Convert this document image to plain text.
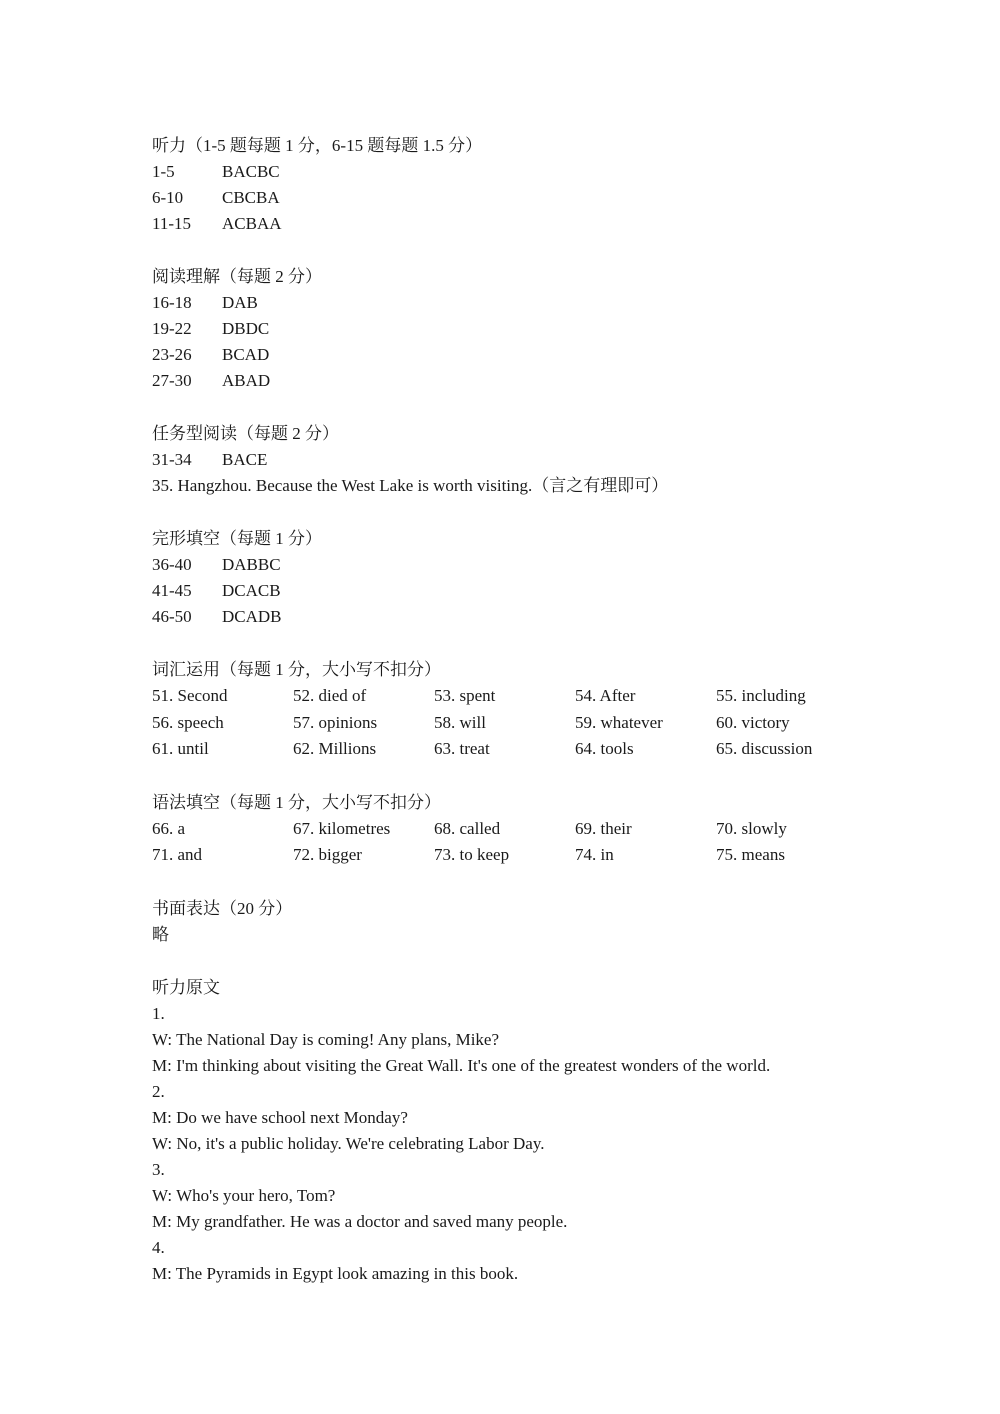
听力（1-5 题每题 1 分，6-15 题每题 1.5 分）
1-5	BACBC
6-10	CBCBA
11-15	ACBAA
阅读理解（每题 2 分）
16-18	DAB
19-22	DBDC
23-26	BCAD
27-30	ABAD
任务型阅读（每题 2 分）
31-34	BACE
35. Hangzhou. Because the West Lake is worth visiting.（言之有理即可）
完形填空（每题 1 分）
36-40	DABBC
41-45	DCACB
46-50	DCADB
词汇运用（每题 1 分，大小写不扣分）
51. Second	52. died of	53. spent	54. After	55. including
56. speech	57. opinions	58. will	59. whatever	60. victory
61. until	62. Millions	63. treat	64. tools	65. discussion
语法填空（每题 1 分，大小写不扣分）
66. a	67. kilometres	68. called	69. their	70. slowly
71. and	72. bigger	73. to keep	74. in	75. means
书面表达（20 分）
略
听力原文
1.
W: The National Day is coming! Any plans, Mike?
M: I'm thinking about visiting the Great Wall. It's one of the greatest wonders of the world.
2.
M: Do we have school next Monday?
W: No, it's a public holiday. We're celebrating Labor Day.
3.
W: Who's your hero, Tom?
M: My grandfather. He was a doctor and saved many people.
4.
M: The Pyramids in Egypt look amazing in this book.
